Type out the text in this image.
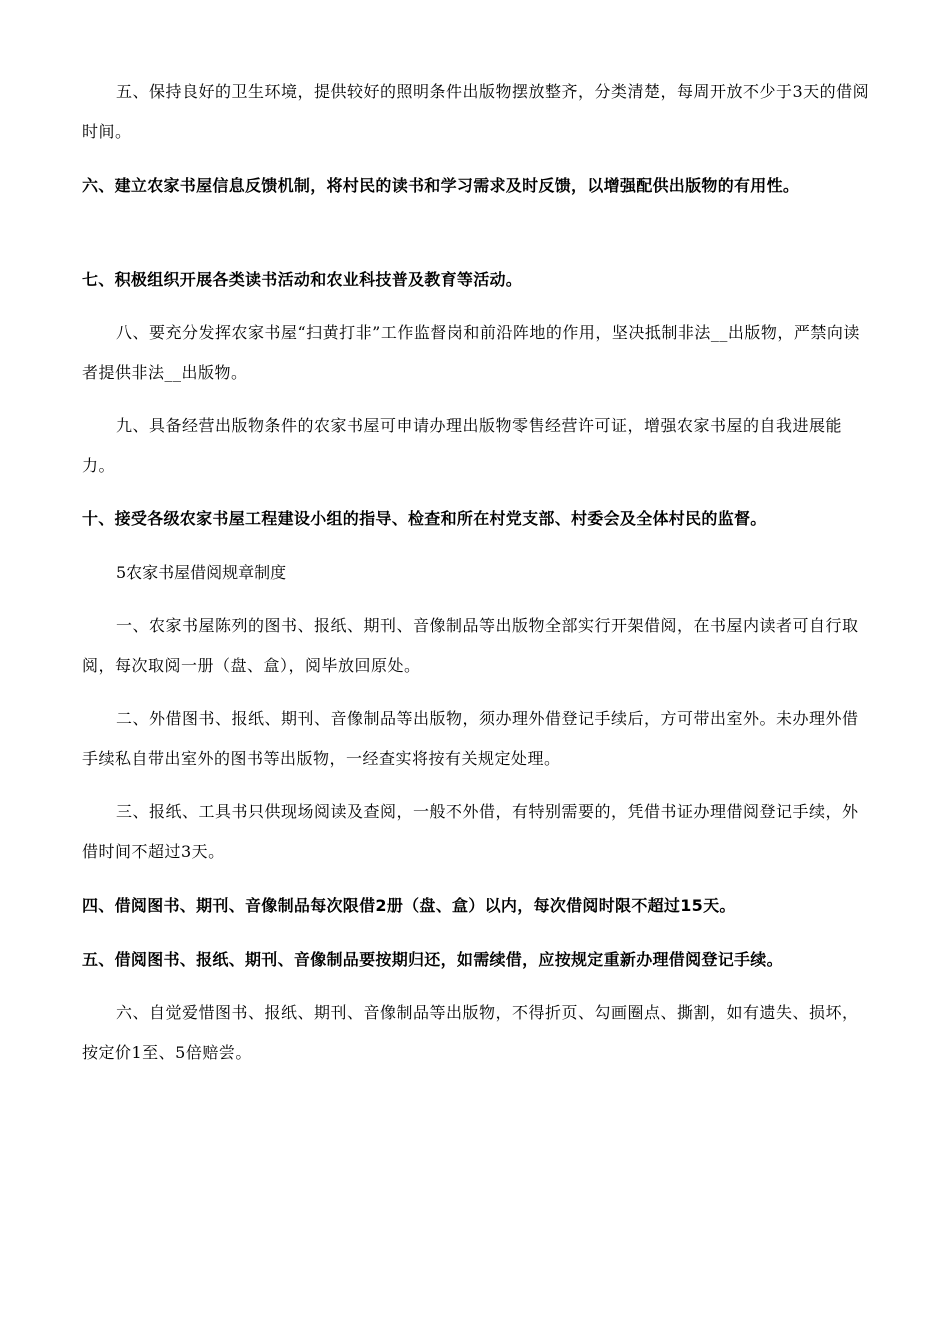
五、保持良好的卫生环境，提供较好的照明条件出版物摆放整齐，分类清楚，每周开放不少于3天的借阅时间。

六、建立农家书屋信息反馈机制，将村民的读书和学习需求及时反馈，以增强配供出版物的有用性。

七、积极组织开展各类读书活动和农业科技普及教育等活动。

八、要充分发挥农家书屋“扫黄打非”工作监督岗和前沿阵地的作用，坚决抵制非法__出版物，严禁向读者提供非法__出版物。

九、具备经营出版物条件的农家书屋可申请办理出版物零售经营许可证，增强农家书屋的自我进展能力。

十、接受各级农家书屋工程建设小组的指导、检查和所在村党支部、村委会及全体村民的监督。

5农家书屋借阅规章制度

一、农家书屋陈列的图书、报纸、期刊、音像制品等出版物全部实行开架借阅，在书屋内读者可自行取阅，每次取阅一册（盘、盒），阅毕放回原处。

二、外借图书、报纸、期刊、音像制品等出版物，须办理外借登记手续后，方可带出室外。未办理外借手续私自带出室外的图书等出版物，一经查实将按有关规定处理。

三、报纸、工具书只供现场阅读及查阅，一般不外借，有特别需要的，凭借书证办理借阅登记手续，外借时间不超过3天。

四、借阅图书、期刊、音像制品每次限借2册（盘、盒）以内，每次借阅时限不超过15天。

五、借阅图书、报纸、期刊、音像制品要按期归还，如需续借，应按规定重新办理借阅登记手续。

六、自觉爱惜图书、报纸、期刊、音像制品等出版物，不得折页、勾画圈点、撕割，如有遗失、损坏，按定价1至、5倍赔尝。
